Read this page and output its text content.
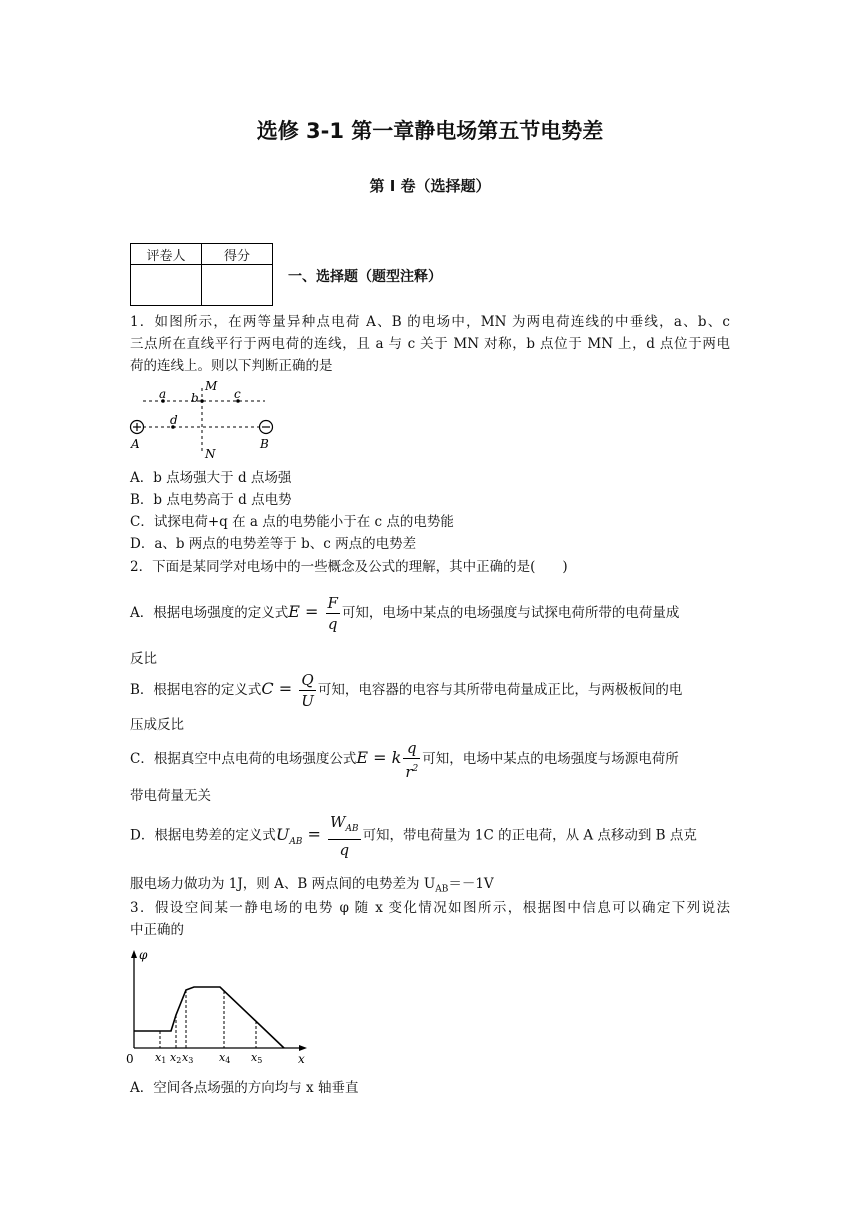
选修 3-1 第一章静电场第五节电势差
第 I 卷（选择题）
评卷人	得分

一、选择题（题型注释）
1．如图所示，在两等量异种点电荷 A、B 的电场中，MN 为两电荷连线的中垂线，a、b、c
三点所在直线平行于两电荷的连线，且 a 与 c 关于 MN 对称，b 点位于 MN 上，d 点位于两电
荷的连线上。则以下判断正确的是
a b	c
d
M
N
A	B
A．b 点场强大于 d 点场强
B．b 点电势高于 d 点电势
C．试探电荷+q 在 a 点的电势能小于在 c 点的电势能
D．a、b 两点的电势差等于 b、c 两点的电势差
2．下面是某同学对电场中的一些概念及公式的理解，其中正确的是(　　)
A．根据电场强度的定义式$E = \frac{F}{q}$ 可知，电场中某点的电场强度与试探电荷所带的电荷量成
反比
B．根据电容的定义式$C = \frac{Q}{U}$ 可知，电容器的电容与其所带电荷量成正比，与两极板间的电
压成反比
C．根据真空中点电荷的电场强度公式E = k $\frac{q}{r^2}$ 可知，电场中某点的电场强度与场源电荷所
带电荷量无关
D．根据电势差的定义式$U_{AB} = \frac{W_{AB}}{q}$ 可知，带电荷量为 1C 的正电荷，从 A 点移动到 B 点克
服电场力做功为 1J，则 A、B 两点间的电势差为 $U_{AB}=-1V$
3．假设空间某一静电场的电势 φ 随 x 变化情况如图所示，根据图中信息可以确定下列说法
中正确的
φ
0	x
x1 x2 x3 x4 x5
A．空间各点场强的方向均与 x 轴垂直
